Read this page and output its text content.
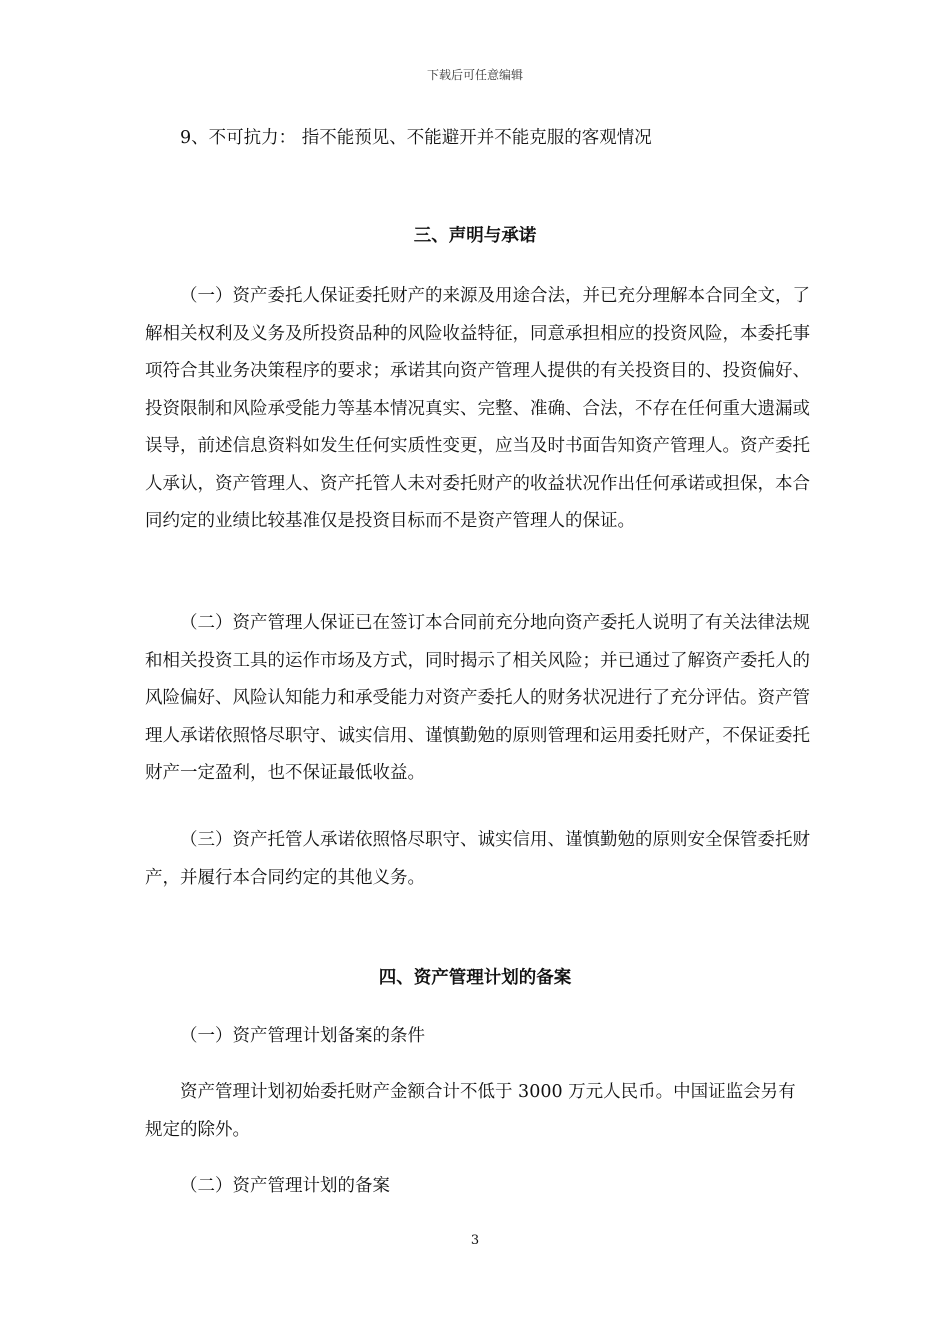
下载后可任意编辑

9、不可抗力： 指不能预见、不能避开并不能克服的客观情况

三、声明与承诺

（一）资产委托人保证委托财产的来源及用途合法，并已充分理解本合同全文，了解相关权利及义务及所投资品种的风险收益特征，同意承担相应的投资风险，本委托事项符合其业务决策程序的要求；承诺其向资产管理人提供的有关投资目的、投资偏好、投资限制和风险承受能力等基本情况真实、完整、准确、合法，不存在任何重大遗漏或误导，前述信息资料如发生任何实质性变更，应当及时书面告知资产管理人。资产委托人承认，资产管理人、资产托管人未对委托财产的收益状况作出任何承诺或担保，本合同约定的业绩比较基准仅是投资目标而不是资产管理人的保证。

（二）资产管理人保证已在签订本合同前充分地向资产委托人说明了有关法律法规和相关投资工具的运作市场及方式，同时揭示了相关风险；并已通过了解资产委托人的风险偏好、风险认知能力和承受能力对资产委托人的财务状况进行了充分评估。资产管理人承诺依照恪尽职守、诚实信用、谨慎勤勉的原则管理和运用委托财产，不保证委托财产一定盈利，也不保证最低收益。

（三）资产托管人承诺依照恪尽职守、诚实信用、谨慎勤勉的原则安全保管委托财产，并履行本合同约定的其他义务。

四、资产管理计划的备案

（一）资产管理计划备案的条件

资产管理计划初始委托财产金额合计不低于 3000 万元人民币。中国证监会另有规定的除外。

（二）资产管理计划的备案

3
